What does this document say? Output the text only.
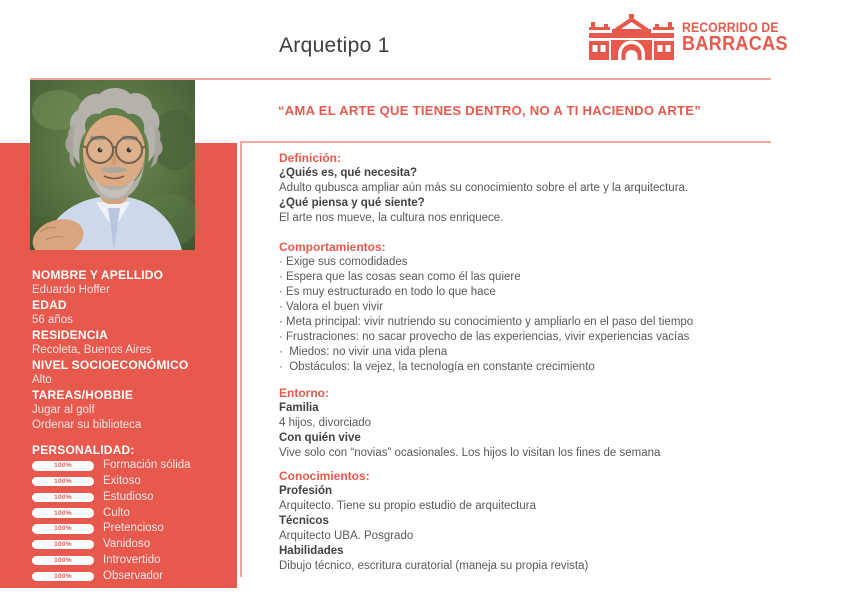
Arquetipo 1
RECORRIDO DE
BARRACAS
NOMBRE Y APELLIDO
Eduardo Hoffer
EDAD
56 años
RESIDENCIA
Recoleta, Buenos Aires
NIVEL SOCIOECONÓMICO
Alto
TAREAS/HOBBIE
Jugar al golf
Ordenar su biblioteca
PERSONALIDAD:
100%	Formación sólida
100%	Exitoso
100%	Estudioso
100%	Culto
100%	Pretencioso
100%	Vanidoso
100%	Introvertido
100%	Observador
“AMA EL ARTE QUE TIENES DENTRO, NO A TI HACIENDO ARTE”
Definición:
¿Quiés es, qué necesita?
Adulto qubusca ampliar aún más su conocimiento sobre el arte y la arquitectura.
¿Qué piensa y qué siente?
El arte nos mueve, la cultura nos enriquece.
Comportamientos:
· Exige sus comodidades
· Espera que las cosas sean como él las quiere
· Es muy estructurado en todo lo que hace
· Valora el buen vivir
· Meta principal: vivir nutriendo su conocimiento y ampliarlo en el paso del tiempo
· Frustraciones: no sacar provecho de las experiencias, vivir experiencias vacías
·  Miedos: no vivir una vida plena
·  Obstáculos: la vejez, la tecnología en constante crecimiento
Entorno:
Familia
4 hijos, divorciado
Con quién vive
Vive solo con “novias” ocasionales. Los hijos lo visitan los fines de semana
Conocimientos:
Profesión
Arquitecto. Tiene su propio estudio de arquitectura
Técnicos
Arquitecto UBA. Posgrado
Habilidades
Dibujo técnico, escritura curatorial (maneja su propia revista)
